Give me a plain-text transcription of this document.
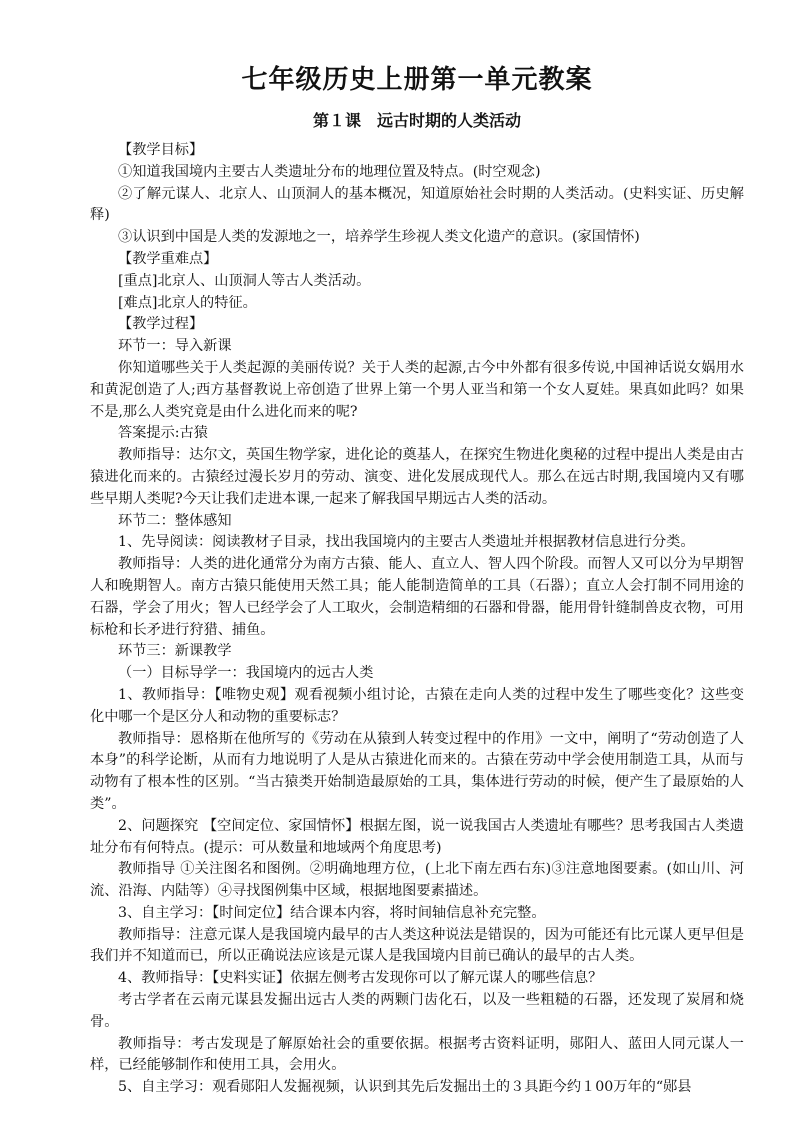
七年级历史上册第一单元教案
第１课　远古时期的人类活动

【教学目标】

①知道我国境内主要古人类遗址分布的地理位置及特点。(时空观念)

②了解元谋人、北京人、山顶洞人的基本概况，知道原始社会时期的人类活动。(史料实证、历史解释)

③认识到中国是人类的发源地之一，培养学生珍视人类文化遗产的意识。(家国情怀)

【教学重难点】

[重点]北京人、山顶洞人等古人类活动。

[难点]北京人的特征。

【教学过程】

环节一：导入新课

你知道哪些关于人类起源的美丽传说？关于人类的起源,古今中外都有很多传说,中国神话说女娲用水和黄泥创造了人;西方基督教说上帝创造了世界上第一个男人亚当和第一个女人夏娃。果真如此吗？如果不是,那么人类究竟是由什么进化而来的呢?

答案提示:古猿

教师指导：达尔文，英国生物学家，进化论的奠基人，在探究生物进化奥秘的过程中提出人类是由古猿进化而来的。古猿经过漫长岁月的劳动、演变、进化发展成现代人。那么在远古时期,我国境内又有哪些早期人类呢?今天让我们走进本课,一起来了解我国早期远古人类的活动。

环节二：整体感知

1、先导阅读：阅读教材子目录，找出我国境内的主要古人类遗址并根据教材信息进行分类。

教师指导：人类的进化通常分为南方古猿、能人、直立人、智人四个阶段。而智人又可以分为早期智人和晚期智人。南方古猿只能使用天然工具；能人能制造简单的工具（石器）；直立人会打制不同用途的石器，学会了用火；智人已经学会了人工取火，会制造精细的石器和骨器，能用骨针缝制兽皮衣物，可用标枪和长矛进行狩猎、捕鱼。

环节三：新课教学

（一）目标导学一：我国境内的远古人类

1、教师指导：【唯物史观】观看视频小组讨论，古猿在走向人类的过程中发生了哪些变化？这些变化中哪一个是区分人和动物的重要标志？

教师指导：恩格斯在他所写的《劳动在从猿到人转变过程中的作用》一文中，阐明了“劳动创造了人本身”的科学论断，从而有力地说明了人是从古猿进化而来的。古猿在劳动中学会使用制造工具，从而与动物有了根本性的区别。“当古猿类开始制造最原始的工具，集体进行劳动的时候，便产生了最原始的人类”。

2、问题探究 【空间定位、家国情怀】根据左图，说一说我国古人类遗址有哪些？思考我国古人类遗址分布有何特点。(提示：可从数量和地域两个角度思考)

教师指导 ①关注图名和图例。②明确地理方位，(上北下南左西右东)③注意地图要素。(如山川、河流、沿海、内陆等）④寻找图例集中区域，根据地图要素描述。

3、自主学习：【时间定位】结合课本内容，将时间轴信息补充完整。

教师指导：注意元谋人是我国境内最早的古人类这种说法是错误的，因为可能还有比元谋人更早但是我们并不知道而已，所以正确说法应该是元谋人是我国境内目前已确认的最早的古人类。

4、教师指导：【史料实证】依据左侧考古发现你可以了解元谋人的哪些信息？

考古学者在云南元谋县发掘出远古人类的两颗门齿化石，以及一些粗糙的石器，还发现了炭屑和烧骨。

教师指导：考古发现是了解原始社会的重要依据。根据考古资料证明，郧阳人、蓝田人同元谋人一样，已经能够制作和使用工具，会用火。

5、自主学习：观看郧阳人发掘视频，认识到其先后发掘出土的３具距今约１00万年的“郧县
